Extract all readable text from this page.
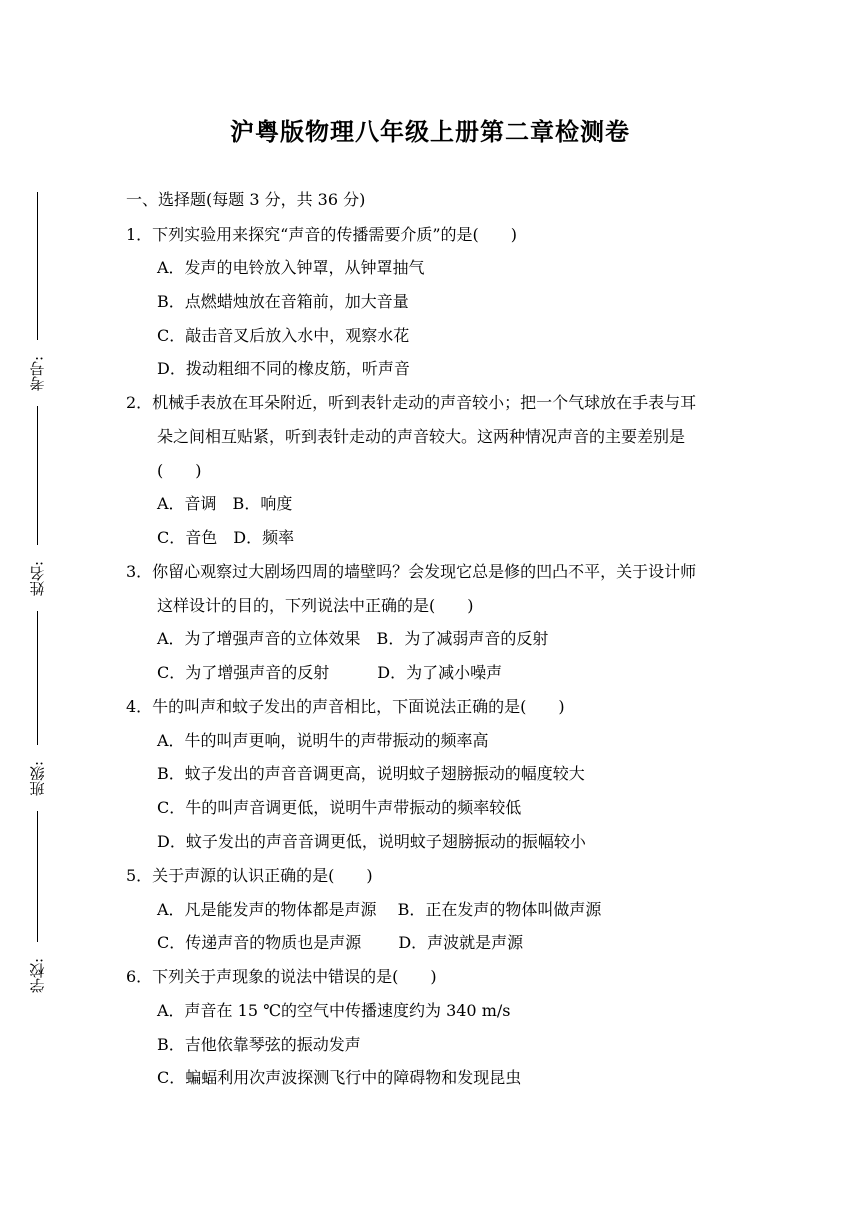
考号:
姓名:
班级:
学校:
沪粤版物理八年级上册第二章检测卷
一、选择题(每题 3 分，共 36 分)
1．下列实验用来探究“声音的传播需要介质”的是(　　)
A．发声的电铃放入钟罩，从钟罩抽气
B．点燃蜡烛放在音箱前，加大音量
C．敲击音叉后放入水中，观察水花
D．拨动粗细不同的橡皮筋，听声音
2．机械手表放在耳朵附近，听到表针走动的声音较小；把一个气球放在手表与耳
朵之间相互贴紧，听到表针走动的声音较大。这两种情况声音的主要差别是
(　　)
A．音调　B．响度
C．音色　D．频率
3．你留心观察过大剧场四周的墙壁吗？会发现它总是修的凹凸不平，关于设计师
这样设计的目的，下列说法中正确的是(　　)
A．为了增强声音的立体效果　B．为了减弱声音的反射
C．为了增强声音的反射　　　D．为了减小噪声
4．牛的叫声和蚊子发出的声音相比，下面说法正确的是(　　)
A．牛的叫声更响，说明牛的声带振动的频率高
B．蚊子发出的声音音调更高，说明蚊子翅膀振动的幅度较大
C．牛的叫声音调更低，说明牛声带振动的频率较低
D．蚊子发出的声音音调更低，说明蚊子翅膀振动的振幅较小
5．关于声源的认识正确的是(　　)
A．凡是能发声的物体都是声源　 B．正在发声的物体叫做声源
C．传递声音的物质也是声源　　 D．声波就是声源
6．下列关于声现象的说法中错误的是(　　)
A．声音在 15 ℃的空气中传播速度约为 340 m/s
B．吉他依靠琴弦的振动发声
C．蝙蝠利用次声波探测飞行中的障碍物和发现昆虫
